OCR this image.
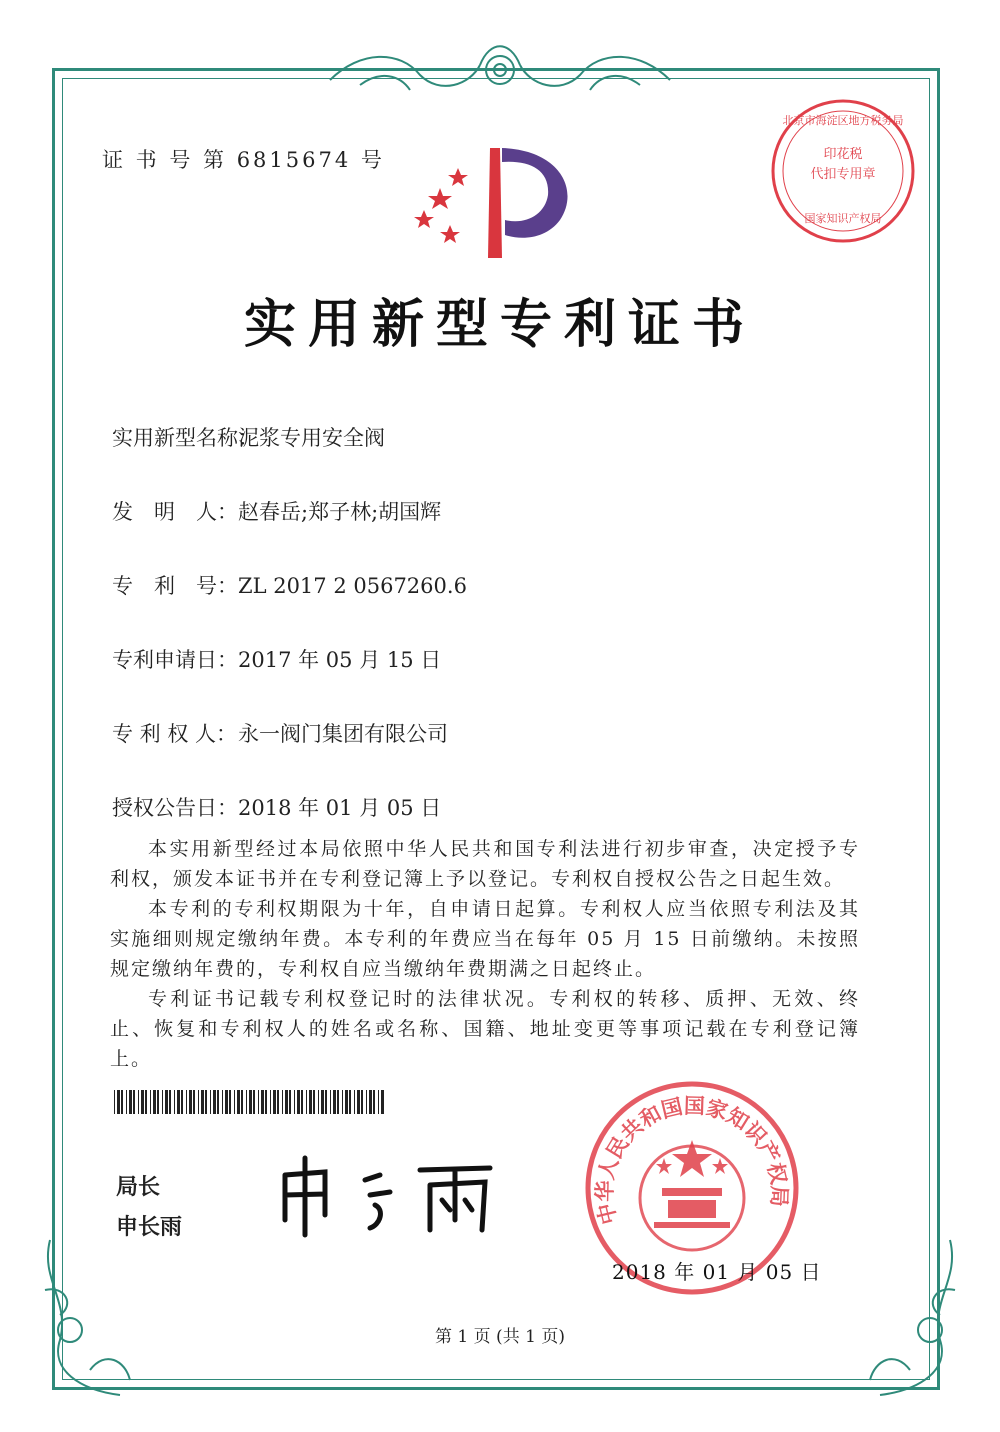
证 书 号 第 6815674 号
北京市海淀区地方税务局
印花税
代扣专用章
国家知识产权局
实用新型专利证书
实用新型名称：泥浆专用安全阀
发　明　人：赵春岳;郑子林;胡国辉
专　利　号：ZL 2017 2 0567260.6
专利申请日：2017 年 05 月 15 日
专 利 权 人：永一阀门集团有限公司
授权公告日：2018 年 01 月 05 日

本实用新型经过本局依照中华人民共和国专利法进行初步审查，决定授予专利权，颁发本证书并在专利登记簿上予以登记。专利权自授权公告之日起生效。

本专利的专利权期限为十年，自申请日起算。专利权人应当依照专利法及其实施细则规定缴纳年费。本专利的年费应当在每年 05 月 15 日前缴纳。未按照规定缴纳年费的，专利权自应当缴纳年费期满之日起终止。

专利证书记载专利权登记时的法律状况。专利权的转移、质押、无效、终止、恢复和专利权人的姓名或名称、国籍、地址变更等事项记载在专利登记簿上。

局长
申长雨
中华人民共和国国家知识产权局
2018 年 01 月 05 日
第 1 页 (共 1 页)
